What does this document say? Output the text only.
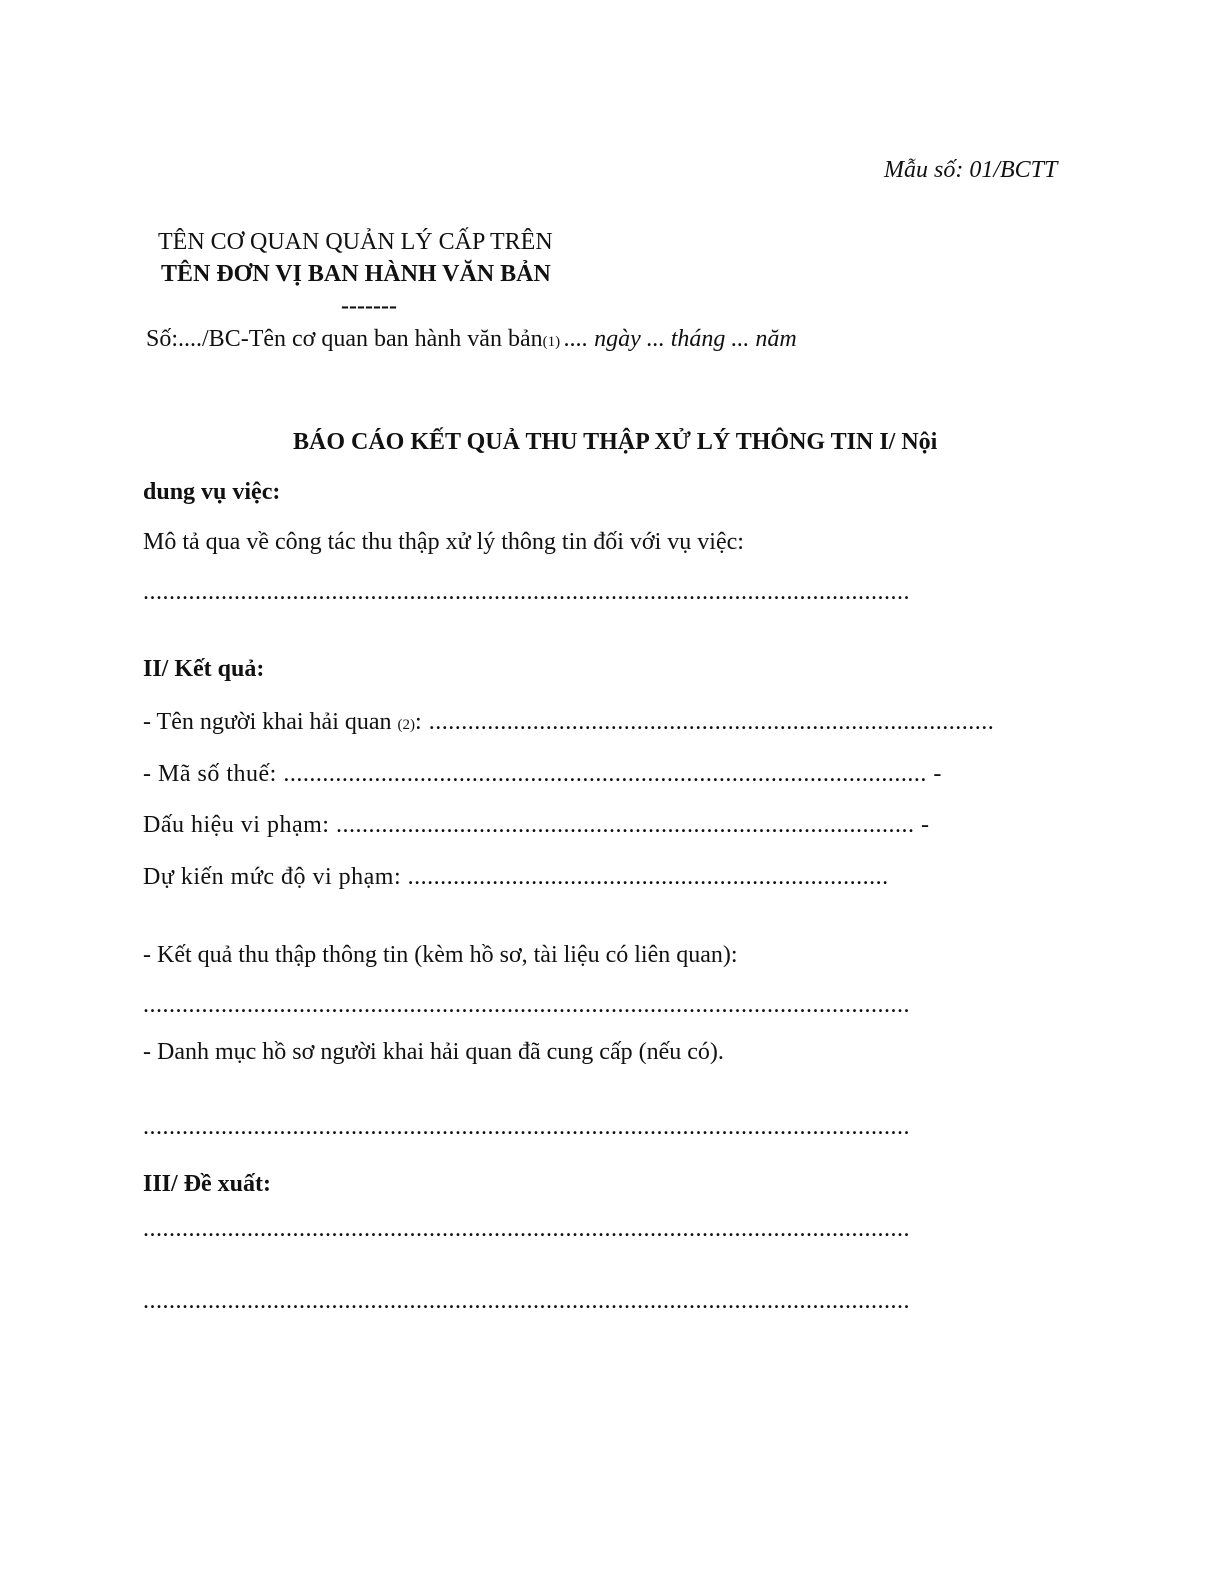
Mẫu số: 01/BCTT
TÊN CƠ QUAN QUẢN LÝ CẤP TRÊN
TÊN ĐƠN VỊ BAN HÀNH VĂN BẢN
-------
Số:..../BC-Tên cơ quan ban hành văn bản(1) .... ngày ... tháng ... năm
BÁO CÁO KẾT QUẢ THU THẬP XỬ LÝ THÔNG TIN I/ Nội
dung vụ việc:
Mô tả qua về công tác thu thập xử lý thông tin đối với vụ việc:
......................................................................................................................
II/ Kết quả:
- Tên người khai hải quan (2): .......................................................................................
- Mã số thuế: ................................................................................................... -
Dấu hiệu vi phạm: ......................................................................................... -
Dự kiến mức độ vi phạm: ..........................................................................
- Kết quả thu thập thông tin (kèm hồ sơ, tài liệu có liên quan):
......................................................................................................................
- Danh mục hồ sơ người khai hải quan đã cung cấp (nếu có).
......................................................................................................................
III/ Đề xuất:
......................................................................................................................
......................................................................................................................
